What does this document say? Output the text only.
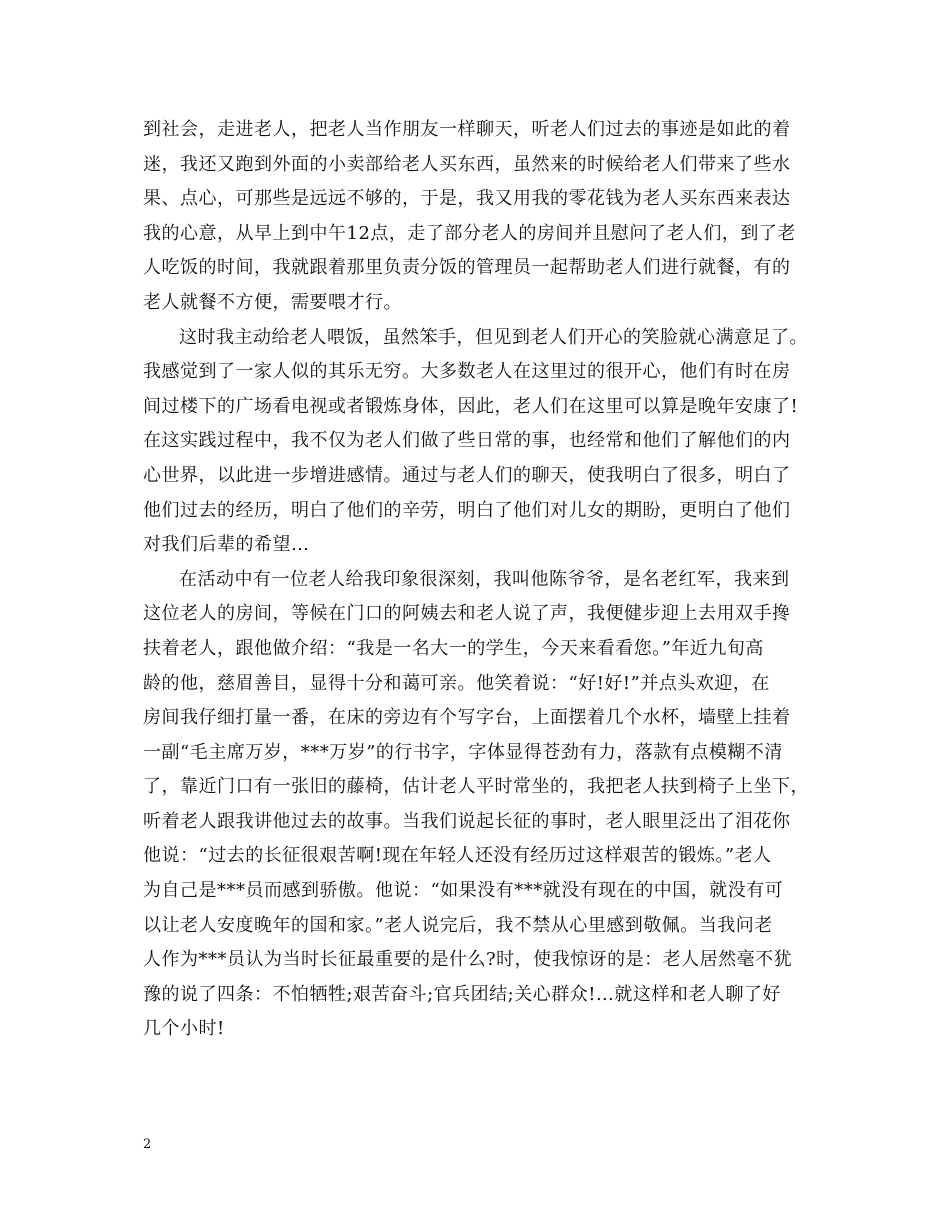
到社会，走进老人，把老人当作朋友一样聊天，听老人们过去的事迹是如此的着
迷，我还又跑到外面的小卖部给老人买东西，虽然来的时候给老人们带来了些水
果、点心，可那些是远远不够的，于是，我又用我的零花钱为老人买东西来表达
我的心意，从早上到中午12点，走了部分老人的房间并且慰问了老人们，到了老
人吃饭的时间，我就跟着那里负责分饭的管理员一起帮助老人们进行就餐，有的
老人就餐不方便，需要喂才行。
这时我主动给老人喂饭，虽然笨手，但见到老人们开心的笑脸就心满意足了。
我感觉到了一家人似的其乐无穷。大多数老人在这里过的很开心，他们有时在房
间过楼下的广场看电视或者锻炼身体，因此，老人们在这里可以算是晚年安康了!
在这实践过程中，我不仅为老人们做了些日常的事，也经常和他们了解他们的内
心世界，以此进一步增进感情。通过与老人们的聊天，使我明白了很多，明白了
他们过去的经历，明白了他们的辛劳，明白了他们对儿女的期盼，更明白了他们
对我们后辈的希望…
在活动中有一位老人给我印象很深刻，我叫他陈爷爷，是名老红军，我来到
这位老人的房间，等候在门口的阿姨去和老人说了声，我便健步迎上去用双手搀
扶着老人，跟他做介绍：“我是一名大一的学生，今天来看看您。”年近九旬高
龄的他，慈眉善目，显得十分和蔼可亲。他笑着说：“好!好!”并点头欢迎，在
房间我仔细打量一番，在床的旁边有个写字台，上面摆着几个水杯，墙壁上挂着
一副“毛主席万岁，***万岁”的行书字，字体显得苍劲有力，落款有点模糊不清
了，靠近门口有一张旧的藤椅，估计老人平时常坐的，我把老人扶到椅子上坐下，
听着老人跟我讲他过去的故事。当我们说起长征的事时，老人眼里泛出了泪花你
他说：“过去的长征很艰苦啊!现在年轻人还没有经历过这样艰苦的锻炼。”老人
为自己是***员而感到骄傲。他说：“如果没有***就没有现在的中国，就没有可
以让老人安度晚年的国和家。”老人说完后，我不禁从心里感到敬佩。当我问老
人作为***员认为当时长征最重要的是什么?时，使我惊讶的是：老人居然毫不犹
豫的说了四条：不怕牺牲;艰苦奋斗;官兵团结;关心群众!…就这样和老人聊了好
几个小时!
2
